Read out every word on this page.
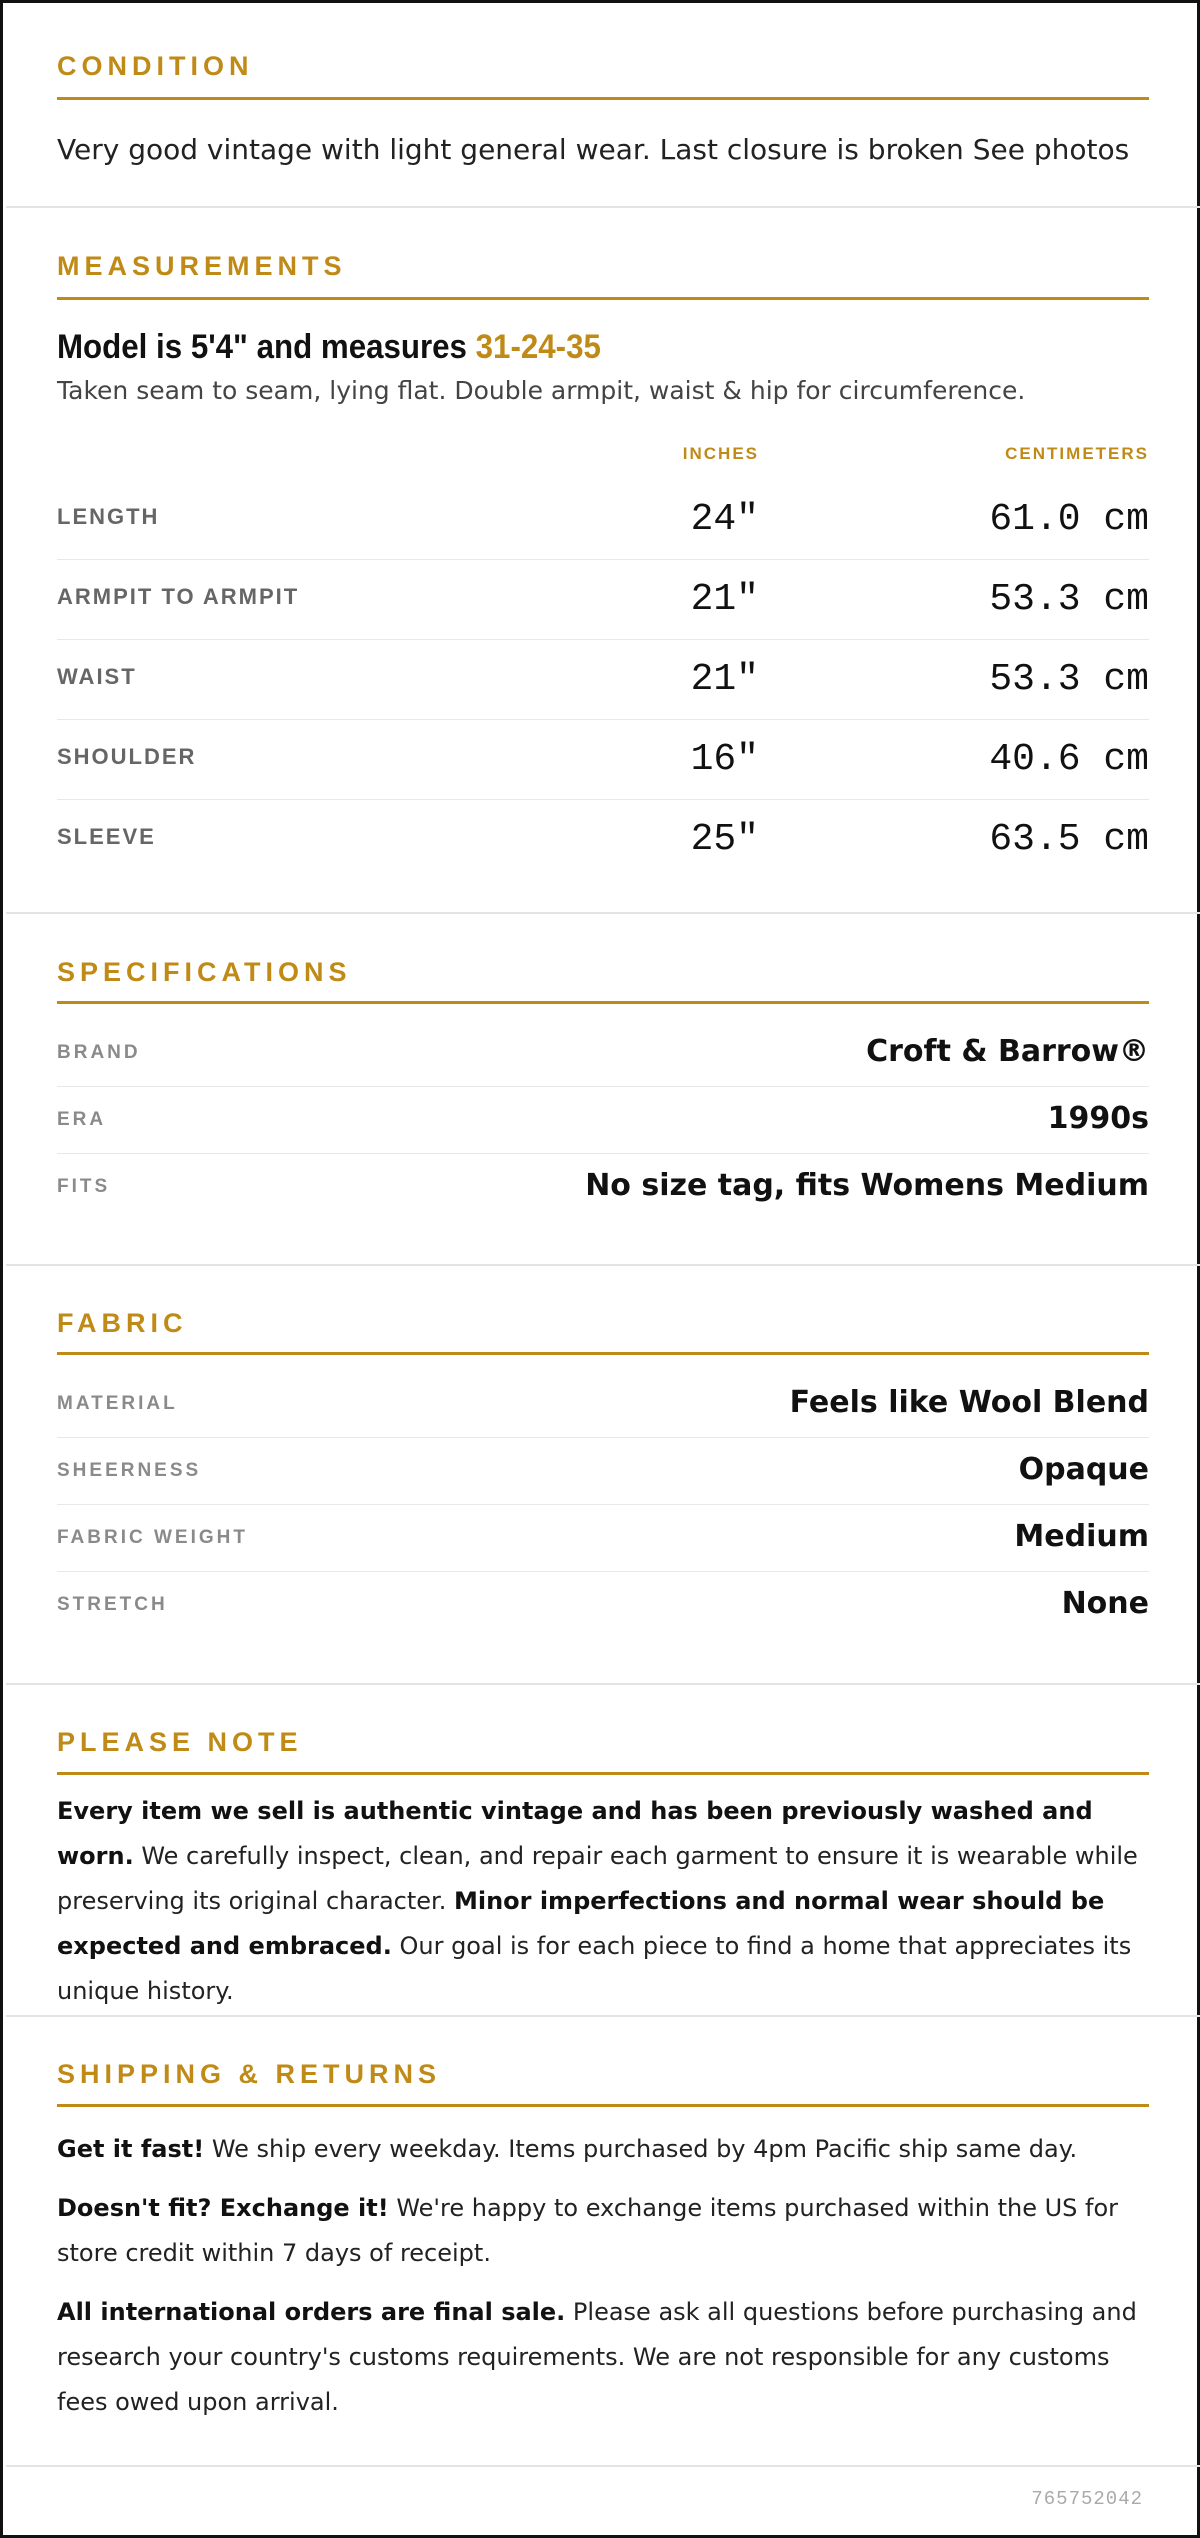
CONDITION
Very good vintage with light general wear. Last closure is broken See photos
MEASUREMENTS
Model is 5'4" and measures 31-24-35
Taken seam to seam, lying flat. Double armpit, waist & hip for circumference.
INCHES	CENTIMETERS
LENGTH	24"	61.0 cm
ARMPIT TO ARMPIT	21"	53.3 cm
WAIST	21"	53.3 cm
SHOULDER	16"	40.6 cm
SLEEVE	25"	63.5 cm
SPECIFICATIONS
BRAND	Croft & Barrow®
ERA	1990s
FITS	No size tag, fits Womens Medium
FABRIC
MATERIAL	Feels like Wool Blend
SHEERNESS	Opaque
FABRIC WEIGHT	Medium
STRETCH	None
PLEASE NOTE
Every item we sell is authentic vintage and has been previously washed and worn. We carefully inspect, clean, and repair each garment to ensure it is wearable while preserving its original character. Minor imperfections and normal wear should be expected and embraced. Our goal is for each piece to find a home that appreciates its unique history.
SHIPPING & RETURNS
Get it fast! We ship every weekday. Items purchased by 4pm Pacific ship same day.
Doesn't fit? Exchange it! We're happy to exchange items purchased within the US for store credit within 7 days of receipt.
All international orders are final sale. Please ask all questions before purchasing and research your country's customs requirements. We are not responsible for any customs fees owed upon arrival.
765752042
